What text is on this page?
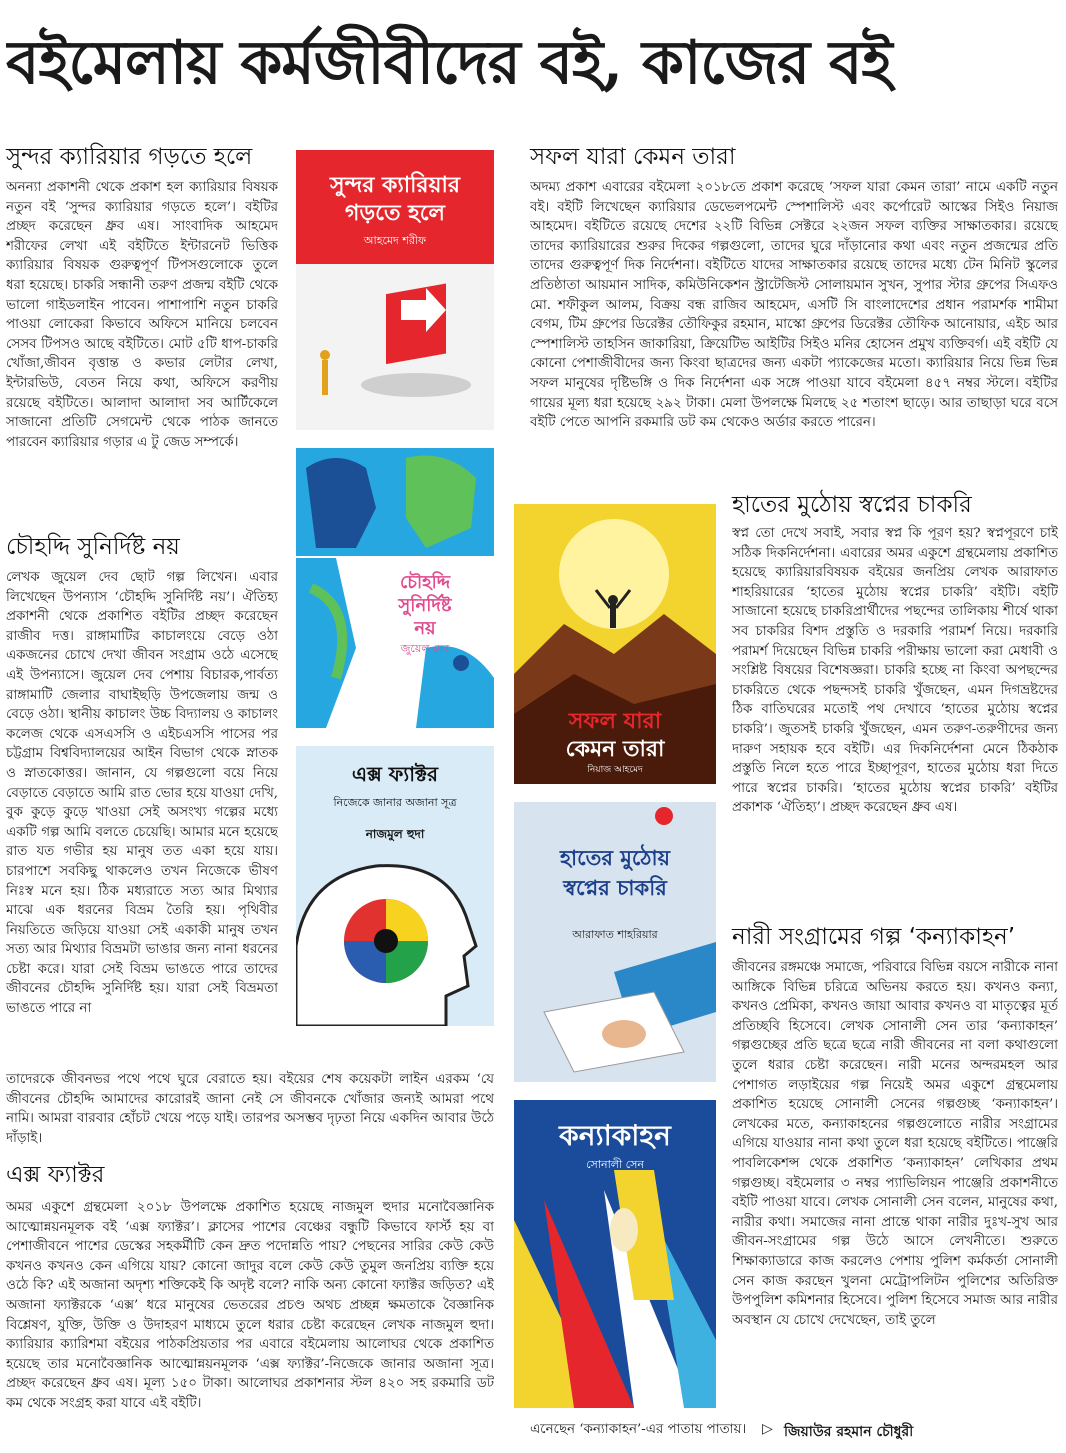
বইমেলায় কর্মজীবীদের বই, কাজের বই
সুন্দর ক্যারিয়ার গড়তে হলে

অনন্যা প্রকাশনী থেকে প্রকাশ হল ক্যারিয়ার বিষয়ক নতুন বই ‘সুন্দর ক্যারিয়ার গড়তে হলে’। বইটির প্রচ্ছদ করেছেন ধ্রুব এষ। সাংবাদিক আহমেদ শরীফের লেখা এই বইটিতে ইন্টারনেট ভিত্তিক ক্যারিয়ার বিষয়ক গুরুত্বপূর্ণ টিপসগুলোকে তুলে ধরা হয়েছে। চাকরি সন্ধানী তরুণ প্রজন্ম বইটি থেকে ভালো গাইডলাইন পাবেন। পাশাপাশি নতুন চাকরি পাওয়া লোকেরা কিভাবে অফিসে মানিয়ে চলবেন সেসব টিপসও আছে বইটিতে। মোট ৫টি ধাপ-চাকরি খোঁজা,জীবন বৃত্তান্ত ও কভার লেটার লেখা, ইন্টারভিউ, বেতন নিয়ে কথা, অফিসে করণীয় রয়েছে বইটিতে। আলাদা আলাদা সব আর্টিকেলে সাজানো প্রতিটি সেগমেন্ট থেকে পাঠক জানতে পারবেন ক্যারিয়ার গড়ার এ টু জেড সম্পর্কে।

চৌহদ্দি সুনির্দিষ্ট নয়

লেখক জুয়েল দেব ছোট গল্প লিখেন। এবার লিখেছেন উপন্যাস ‘চৌহদ্দি সুনির্দিষ্ট নয়’। ঐতিহ্য প্রকাশনী থেকে প্রকাশিত বইটির প্রচ্ছদ করেছেন রাজীব দত্ত। রাঙ্গামাটির কাচালংয়ে বেড়ে ওঠা একজনের চোখে দেখা জীবন সংগ্রাম ওঠে এসেছে এই উপন্যাসে। জুয়েল দেব পেশায় বিচারক,পার্বত্য রাঙ্গামাটি জেলার বাঘাইছড়ি উপজেলায় জন্ম ও বেড়ে ওঠা। স্থানীয় কাচালং উচ্চ বিদ্যালয় ও কাচালং কলেজ থেকে এসএসসি ও এইচএসসি পাসের পর চট্টগ্রাম বিশ্ববিদ্যালয়ের আইন বিভাগ থেকে স্নাতক ও স্নাতকোত্তর। জানান, যে গল্পগুলো বয়ে নিয়ে বেড়াতে বেড়াতে আমি রাত ভোর হয়ে যাওয়া দেখি, বুক কুড়ে কুড়ে খাওয়া সেই অসংখ্য গল্পের মধ্যে একটি গল্প আমি বলতে চেয়েছি। আমার মনে হয়েছে রাত যত গভীর হয় মানুষ তত একা হয়ে যায়। চারপাশে সবকিছু থাকলেও তখন নিজেকে ভীষণ নিঃস্ব মনে হয়। ঠিক মধ্যরাতে সত্য আর মিথ্যার মাঝে এক ধরনের বিভ্রম তৈরি হয়। পৃথিবীর নিয়তিতে জড়িয়ে যাওয়া সেই একাকী মানুষ তখন সত্য আর মিথ্যার বিভ্রমটা ভাঙার জন্য নানা ধরনের চেষ্টা করে। যারা সেই বিভ্রম ভাঙতে পারে তাদের জীবনের চৌহদ্দি সুনির্দিষ্ট হয়। যারা সেই বিভ্রমতা ভাঙতে পারে না

তাদেরকে জীবনভর পথে পথে ঘুরে বেরাতে হয়। বইয়ের শেষ কয়েকটা লাইন এরকম ‘যে জীবনের চৌহদ্দি আমাদের কারোরই জানা নেই সে জীবনকে খোঁজার জন্যই আমরা পথে নামি। আমরা বারবার হোঁচট খেয়ে পড়ে যাই। তারপর অসম্ভব দৃঢ়তা নিয়ে একদিন আবার উঠে দাঁড়াই।

এক্স ফ্যাক্টর

অমর একুশে গ্রন্থমেলা ২০১৮ উপলক্ষে প্রকাশিত হয়েছে নাজমুল হুদার মনোবৈজ্ঞানিক আত্মোন্নয়নমূলক বই ‘এক্স ফ্যাক্টর’। ক্লাসের পাশের বেঞ্চের বন্ধুটি কিভাবে ফার্স্ট হয় বা পেশাজীবনে পাশের ডেস্কের সহকর্মীটি কেন দ্রুত পদোন্নতি পায়? পেছনের সারির কেউ কেউ কখনও কখনও কেন এগিয়ে যায়? কোনো জাদুর বলে কেউ কেউ তুমুল জনপ্রিয় ব্যক্তি হয়ে ওঠে কি? এই অজানা অদৃশ্য শক্তিকেই কি অদৃষ্ট বলে? নাকি অন্য কোনো ফ্যাক্টর জড়িত? এই অজানা ফ্যাক্টরকে ‘এক্স’ ধরে মানুষের ভেতরের প্রচণ্ড অথচ প্রচ্ছন্ন ক্ষমতাকে বৈজ্ঞানিক বিশ্লেষণ, যুক্তি, উক্তি ও উদাহরণ মাধ্যমে তুলে ধরার চেষ্টা করেছেন লেখক নাজমুল হুদা। ক্যারিয়ার ক্যারিশমা বইয়ের পাঠকপ্রিয়তার পর এবারে বইমেলায় আলোঘর থেকে প্রকাশিত হয়েছে তার মনোবৈজ্ঞানিক আত্মোন্নয়নমূলক ‘এক্স ফ্যাক্টর’-নিজেকে জানার অজানা সূত্র। প্রচ্ছদ করেছেন ধ্রুব এষ। মূল্য ১৫০ টাকা। আলোঘর প্রকাশনার স্টল ৪২০ সহ রকমারি ডট কম থেকে সংগ্রহ করা যাবে এই বইটি।

সুন্দর ক্যারিয়ার
গড়তে হলে
আহমেদ শরীফ
চৌহদ্দি
সুনির্দিষ্ট
নয়
জুয়েল দেব
এক্স ফ্যাক্টর
নিজেকে জানার অজানা সূত্র
নাজমুল হুদা
সফল যারা কেমন তারা

অদম্য প্রকাশ এবারের বইমেলা ২০১৮তে প্রকাশ করেছে ‘সফল যারা কেমন তারা’ নামে একটি নতুন বই। বইটি লিখেছেন ক্যারিয়ার ডেভেলপমেন্ট স্পেশালিস্ট এবং কর্পোরেট আস্কের সিইও নিয়াজ আহমেদ। বইটিতে রয়েছে দেশের ২২টি বিভিন্ন সেক্টরে ২২জন সফল ব্যক্তির সাক্ষাতকার। রয়েছে তাদের ক্যারিয়ারের শুরুর দিকের গল্পগুলো, তাদের ঘুরে দাঁড়ানোর কথা এবং নতুন প্রজন্মের প্রতি তাদের গুরুত্বপূর্ণ দিক নির্দেশনা। বইটিতে যাদের সাক্ষাতকার রয়েছে তাদের মধ্যে টেন মিনিট স্কুলের প্রতিষ্ঠাতা আয়মান সাদিক, কমিউনিকেশন স্ট্রাটেজিস্ট সোলায়মান সুখন, সুপার স্টার গ্রুপের সিএফও মো. শফীকুল আলম, বিক্রয় বন্ধ রাজিব আহমেদ, এসটি সি বাংলাদেশের প্রধান পরামর্শক শামীমা বেগম, টিম গ্রুপের ডিরেক্টর তৌফিকুর রহমান, মাস্কো গ্রুপের ডিরেক্টর তৌফিক আনোয়ার, এইচ আর স্পেশালিস্ট তাহসিন জাকারিয়া, ক্রিয়েটিভ আইটির সিইও মনির হোসেন প্রমুখ ব্যক্তিবর্গ। এই বইটি যে কোনো পেশাজীবীদের জন্য কিংবা ছাত্রদের জন্য একটা প্যাকেজের মতো। ক্যারিয়ার নিয়ে ভিন্ন ভিন্ন সফল মানুষের দৃষ্টিভঙ্গি ও দিক নির্দেশনা এক সঙ্গে পাওয়া যাবে বইমেলা ৪৫৭ নম্বর স্টলে। বইটির গায়ের মূল্য ধরা হয়েছে ২৯২ টাকা। মেলা উপলক্ষে মিলছে ২৫ শতাংশ ছাড়ে। আর তাছাড়া ঘরে বসে বইটি পেতে আপনি রকমারি ডট কম থেকেও অর্ডার করতে পারেন।

সফল যারা
কেমন তারা
নিয়াজ আহমেদ
হাতের মুঠোয়
স্বপ্নের চাকরি
আরাফাত শাহরিয়ার
কন্যাকাহন
সোনালী সেন
হাতের মুঠোয় স্বপ্নের চাকরি

স্বপ্ন তো দেখে সবাই, সবার স্বপ্ন কি পূরণ হয়? স্বপ্নপূরণে চাই সঠিক দিকনির্দেশনা। এবারের অমর একুশে গ্রন্থমেলায় প্রকাশিত হয়েছে ক্যারিয়ারবিষয়ক বইয়ের জনপ্রিয় লেখক আরাফাত শাহরিয়ারের ‘হাতের মুঠোয় স্বপ্নের চাকরি’ বইটি। বইটি সাজানো হয়েছে চাকরিপ্রার্থীদের পছন্দের তালিকায় শীর্ষে থাকা সব চাকরির বিশদ প্রস্তুতি ও দরকারি পরামর্শ নিয়ে। দরকারি পরামর্শ দিয়েছেন বিভিন্ন চাকরি পরীক্ষায় ভালো করা মেধাবী ও সংশ্লিষ্ট বিষয়ের বিশেষজ্ঞরা। চাকরি হচ্ছে না কিংবা অপছন্দের চাকরিতে থেকে পছন্দসই চাকরি খুঁজছেন, এমন দিগভ্রষ্টদের ঠিক বাতিঘরের মতোই পথ দেখাবে ‘হাতের মুঠোয় স্বপ্নের চাকরি’। জুতসই চাকরি খুঁজছেন, এমন তরুণ-তরুণীদের জন্য দারুণ সহায়ক হবে বইটি। এর দিকনির্দেশনা মেনে ঠিকঠাক প্রস্তুতি নিলে হতে পারে ইচ্ছাপূরণ, হাতের মুঠোয় ধরা দিতে পারে স্বপ্নের চাকরি। ‘হাতের মুঠোয় স্বপ্নের চাকরি’ বইটির প্রকাশক ‘ঐতিহ্য’। প্রচ্ছদ করেছেন ধ্রুব এষ।

নারী সংগ্রামের গল্প ‘কন্যাকাহন’

জীবনের রঙ্গমঞ্চে সমাজে, পরিবারে বিভিন্ন বয়সে নারীকে নানা আঙ্গিকে বিভিন্ন চরিত্রে অভিনয় করতে হয়। কখনও কন্যা, কখনও প্রেমিকা, কখনও জায়া আবার কখনও বা মাতৃত্বের মূর্ত প্রতিচ্ছবি হিসেবে। লেখক সোনালী সেন তার ‘কন্যাকাহন’ গল্পগুচ্ছের প্রতি ছত্রে ছত্রে নারী জীবনের না বলা কথাগুলো তুলে ধরার চেষ্টা করেছেন। নারী মনের অন্দরমহল আর পেশাগত লড়াইয়ের গল্প নিয়েই অমর একুশে গ্রন্থমেলায় প্রকাশিত হয়েছে সোনালী সেনের গল্পগুচ্ছ ‘কন্যাকাহন’। লেখকের মতে, কন্যাকাহনের গল্পগুলোতে নারীর সংগ্রামের এগিয়ে যাওয়ার নানা কথা তুলে ধরা হয়েছে বইটিতে। পাঞ্জেরি পাবলিকেশন্স থেকে প্রকাশিত ‘কন্যাকাহন’ লেখিকার প্রথম গল্পগুচ্ছ। বইমেলার ৩ নম্বর প্যাভিলিয়ন পাঞ্জেরি প্রকাশনীতে বইটি পাওয়া যাবে। লেখক সোনালী সেন বলেন, মানুষের কথা, নারীর কথা। সমাজের নানা প্রান্তে থাকা নারীর দুঃখ-সুখ আর জীবন-সংগ্রামের গল্প উঠে আসে লেখনীতে। শুরুতে শিক্ষাক্যাডারে কাজ করলেও পেশায় পুলিশ কর্মকর্তা সোনালী সেন কাজ করছেন খুলনা মেট্রোপলিটন পুলিশের অতিরিক্ত উপপুলিশ কমিশনার হিসেবে। পুলিশ হিসেবে সমাজ আর নারীর অবস্থান যে চোখে দেখেছেন, তাই তুলে

এনেছেন ‘কন্যাকাহন’-এর পাতায় পাতায়।	▷ জিয়াউর রহমান চৌধুরী
